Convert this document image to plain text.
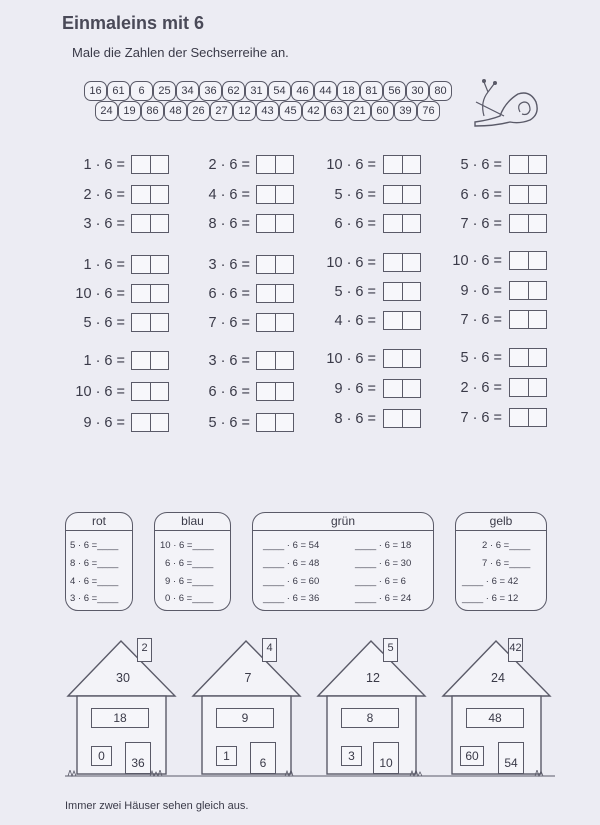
Einmaleins mit 6
Male die Zahlen der Sechserreihe an.
16 61	6	25 34 36 62 31 54 46 44 18 81 56 30 80
24 19 86 48 26 27 12 43 45 42 63 21 60 39 76
1 · 6 =
2 · 6 =
3 · 6 =
2 · 6 =
4 · 6 =
8 · 6 =
10 · 6 =
5 · 6 =
6 · 6 =
5 · 6 =
6 · 6 =
7 · 6 =
1 · 6 =
10 · 6 =
5 · 6 =
3 · 6 =
6 · 6 =
7 · 6 =
10 · 6 =
5 · 6 =
4 · 6 =
10 · 6 =
9 · 6 =
7 · 6 =
1 · 6 =
10 · 6 =
9 · 6 =
3 · 6 =
6 · 6 =
5 · 6 =
10 · 6 =
9 · 6 =
8 · 6 =
5 · 6 =
2 · 6 =
7 · 6 =
rot
5 · 6 =____
8 · 6 =____
4 · 6 =____
3 · 6 =____
blau
10 · 6 =____
6 · 6 =____
9 · 6 =____
0 · 6 =____
grün
____ · 6 = 54
____ · 6 = 48
____ · 6 = 60
____ · 6 = 36
____ · 6 = 18
____ · 6 = 30
____ · 6 = 6
____ · 6 = 24
gelb
2 · 6 =____
7 · 6 =____
____ · 6 = 42
____ · 6 = 12
2
30
18
0	36
4
7
9
1	6
5
12
8
3	10
42
24
48
60	54
Immer zwei Häuser sehen gleich aus.
